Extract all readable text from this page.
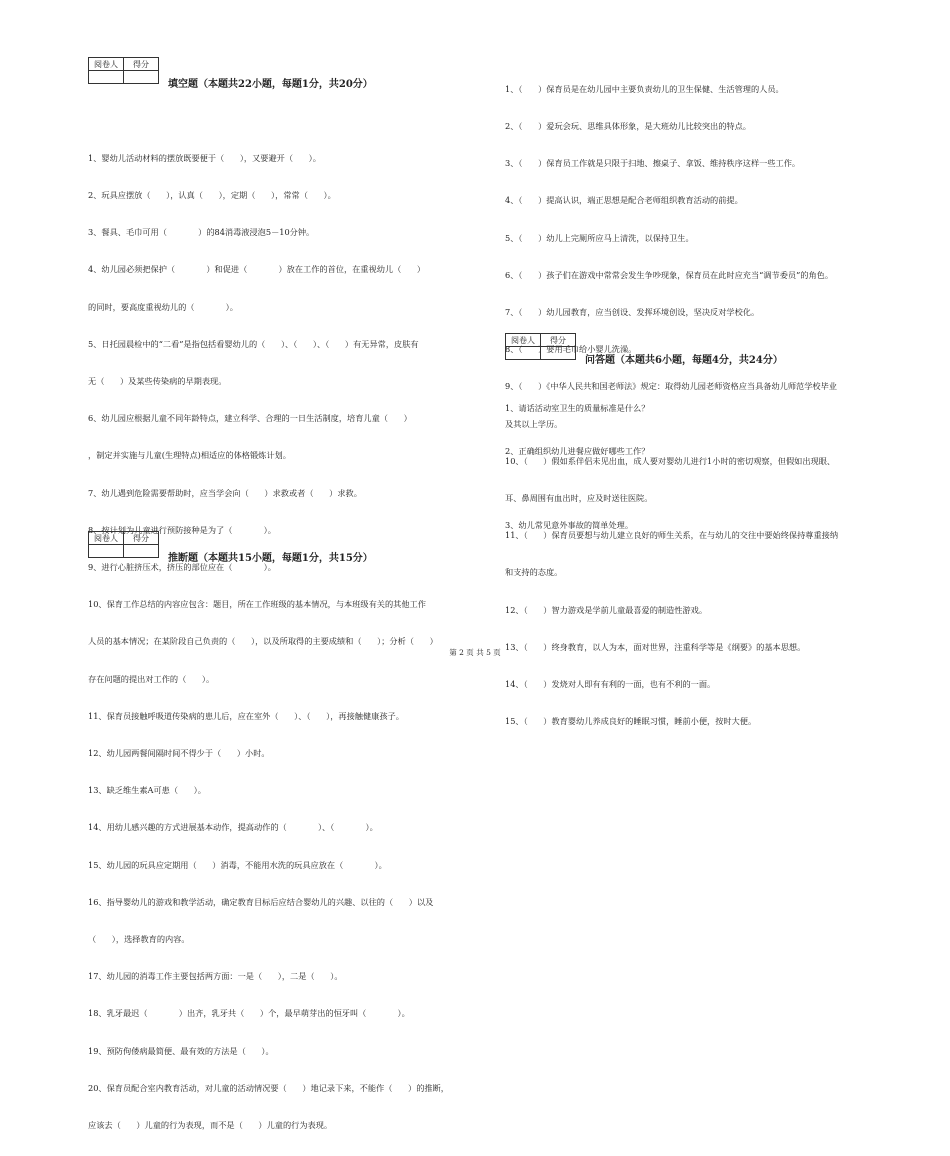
阅卷人	得分

填空题（本题共22小题，每题1分，共20分）

1、婴幼儿活动材料的摆放既要便于（      ），又要避开（      ）。

2、玩具应摆放（      ），认真（      ），定期（      ），常常（      ）。

3、餐具、毛巾可用（            ）的84消毒液浸泡5－10分钟。

4、幼儿园必须把保护（            ）和促进（            ）放在工作的首位，在重视幼儿（      ）

的同时，要高度重视幼儿的（            ）。

5、日托园晨检中的“二看”是指包括看婴幼儿的（      ）、（      ）、（      ）有无异常，皮肤有

无（      ）及某些传染病的早期表现。

6、幼儿园应根据儿童不同年龄特点，建立科学、合理的一日生活制度，培育儿童（      ）

，制定并实施与儿童(生理特点)相适应的体格锻炼计划。

7、幼儿遇到危险需要帮助时，应当学会向（      ）求救或者（      ）求救。

8、按计划为儿童进行预防接种是为了（            ）。

9、进行心脏挤压术，挤压的部位应在（            ）。

10、保育工作总结的内容应包含：题目，所在工作班级的基本情况，与本班级有关的其他工作

人员的基本情况；在某阶段自己负责的（      ），以及所取得的主要成绩和（      ）；分析（      ）

存在问题的提出对工作的（      ）。

11、保育员接触呼吸道传染病的患儿后，应在室外（      ）、（      ），再接触健康孩子。

12、幼儿园两餐间隔时间不得少于（      ）小时。

13、缺乏维生素A可患（      ）。

14、用幼儿感兴趣的方式进展基本动作，提高动作的（            ）、（            ）。

15、幼儿园的玩具应定期用（      ）消毒，不能用水洗的玩具应放在（            ）。

16、指导婴幼儿的游戏和教学活动，确定教育目标后应结合婴幼儿的兴趣、以往的（      ）以及

（      ），选择教育的内容。

17、幼儿园的消毒工作主要包括两方面：一是（      ），二是（      ）。

18、乳牙最迟（            ）出齐，乳牙共（      ）个，最早萌芽出的恒牙叫（            ）。

19、预防佝偻病最简便、最有效的方法是（      ）。

20、保育员配合室内教育活动，对儿童的活动情况要（      ）地记录下来，不能作（      ）的推断，

应该去（      ）儿童的行为表现，而不是（      ）儿童的行为表现。

阅卷人	得分

推断题（本题共15小题，每题1分，共15分）

1、（      ）保育员是在幼儿园中主要负责幼儿的卫生保健、生活管理的人员。

2、（      ）爱玩会玩、思维具体形象，是大班幼儿比较突出的特点。

3、（      ）保育员工作就是只限于扫地、擦桌子、拿饭、维持秩序这样一些工作。

4、（      ）提高认识，端正思想是配合老师组织教育活动的前提。

5、（      ）幼儿上完厕所应马上清洗，以保持卫生。

6、（      ）孩子们在游戏中常常会发生争吵现象，保育员在此时应充当“调节委员”的角色。

7、（      ）幼儿园教育，应当创设、发挥环境创设，坚决反对学校化。

8、（      ）要用毛巾给小婴儿洗澡。

9、（      ）《中华人民共和国老师法》规定：取得幼儿园老师资格应当具备幼儿师范学校毕业

及其以上学历。

10、（      ）假如系伴侣未见出血，成人要对婴幼儿进行1小时的密切观察，但假如出现眼、

耳、鼻周围有血出时，应及时送往医院。

11、（      ）保育员要想与幼儿建立良好的师生关系，在与幼儿的交往中要始终保持尊重接纳

和支持的态度。

12、（      ）智力游戏是学前儿童最喜爱的制造性游戏。

13、（      ）终身教育，以人为本，面对世界，注重科学等是《纲要》的基本思想。

14、（      ）发烧对人即有有利的一面，也有不利的一面。

15、（      ）教育婴幼儿养成良好的睡眠习惯，睡前小便，按时大便。

阅卷人	得分

问答题（本题共6小题，每题4分，共24分）
1、请话活动室卫生的质量标准是什么？
2、正确组织幼儿进餐应做好哪些工作？
3、幼儿常见意外事故的简单处理。
第 2 页 共 5 页
